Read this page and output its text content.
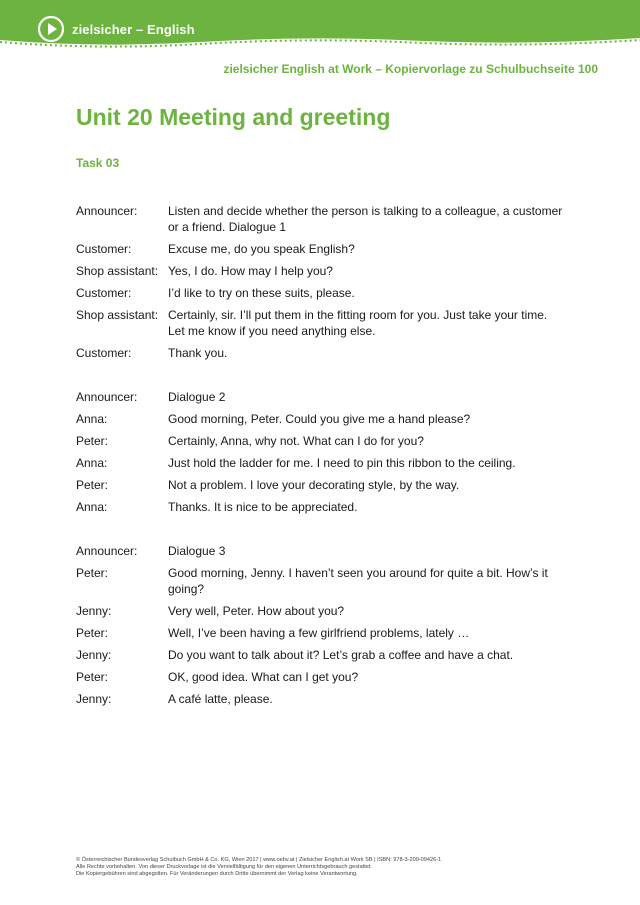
zielsicher – English
zielsicher English at Work – Kopiervorlage zu Schulbuchseite 100
Unit 20 Meeting and greeting
Task 03
Announcer:	Listen and decide whether the person is talking to a colleague, a customer or a friend. Dialogue 1
Customer:	Excuse me, do you speak English?
Shop assistant: Yes, I do. How may I help you?
Customer:	I’d like to try on these suits, please.
Shop assistant: Certainly, sir. I’ll put them in the fitting room for you. Just take your time. Let me know if you need anything else.
Customer:	Thank you.
Announcer:	Dialogue 2
Anna:	Good morning, Peter. Could you give me a hand please?
Peter:	Certainly, Anna, why not. What can I do for you?
Anna:	Just hold the ladder for me. I need to pin this ribbon to the ceiling.
Peter:	Not a problem. I love your decorating style, by the way.
Anna:	Thanks. It is nice to be appreciated.
Announcer:	Dialogue 3
Peter:	Good morning, Jenny. I haven’t seen you around for quite a bit. How’s it going?
Jenny:	Very well, Peter. How about you?
Peter:	Well, I’ve been having a few girlfriend problems, lately …
Jenny:	Do you want to talk about it? Let’s grab a coffee and have a chat.
Peter:	OK, good idea. What can I get you?
Jenny:	A café latte, please.
© Österreichischer Bundesverlag Schulbuch GmbH & Co. KG, Wien 2017 | www.oebv.at | Zielsicher English at Work SB | ISBN: 978-3-209-09426-1
Alle Rechte vorbehalten. Von dieser Druckvorlage ist die Vervielfältigung für den eigenen Unterrichtsgebrauch gestattet.
Die Kopiergebühren sind abgegolten. Für Veränderungen durch Dritte übernimmt der Verlag keine Verantwortung.
